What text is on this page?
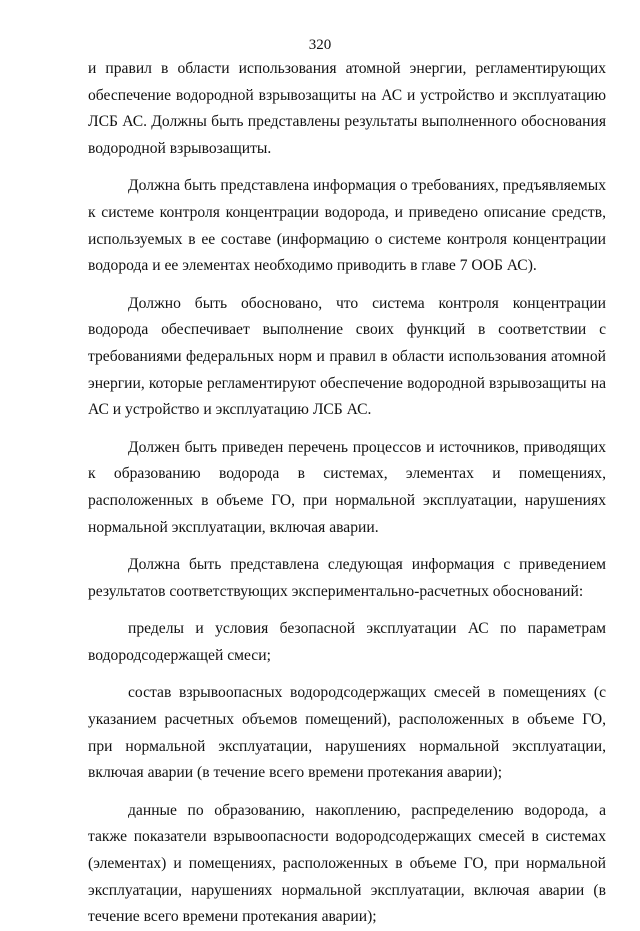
320

и правил в области использования атомной энергии, регламентирующих обеспечение водородной взрывозащиты на АС и устройство и эксплуатацию ЛСБ АС. Должны быть представлены результаты выполненного обоснования водородной взрывозащиты.

Должна быть представлена информация о требованиях, предъявляемых к системе контроля концентрации водорода, и приведено описание средств, используемых в ее составе (информацию о системе контроля концентрации водорода и ее элементах необходимо приводить в главе 7 ООБ АС).

Должно быть обосновано, что система контроля концентрации водорода обеспечивает выполнение своих функций в соответствии с требованиями федеральных норм и правил в области использования атомной энергии, которые регламентируют обеспечение водородной взрывозащиты на АС и устройство и эксплуатацию ЛСБ АС.

Должен быть приведен перечень процессов и источников, приводящих к образованию водорода в системах, элементах и помещениях, расположенных в объеме ГО, при нормальной эксплуатации, нарушениях нормальной эксплуатации, включая аварии.

Должна быть представлена следующая информация с приведением результатов соответствующих экспериментально-расчетных обоснований:

пределы и условия безопасной эксплуатации АС по параметрам водородсодержащей смеси;

состав взрывоопасных водородсодержащих смесей в помещениях (с указанием расчетных объемов помещений), расположенных в объеме ГО, при нормальной эксплуатации, нарушениях нормальной эксплуатации, включая аварии (в течение всего времени протекания аварии);

данные по образованию, накоплению, распределению водорода, а также показатели взрывоопасности водородсодержащих смесей в системах (элементах) и помещениях, расположенных в объеме ГО, при нормальной эксплуатации, нарушениях нормальной эксплуатации, включая аварии (в течение всего времени протекания аварии);
